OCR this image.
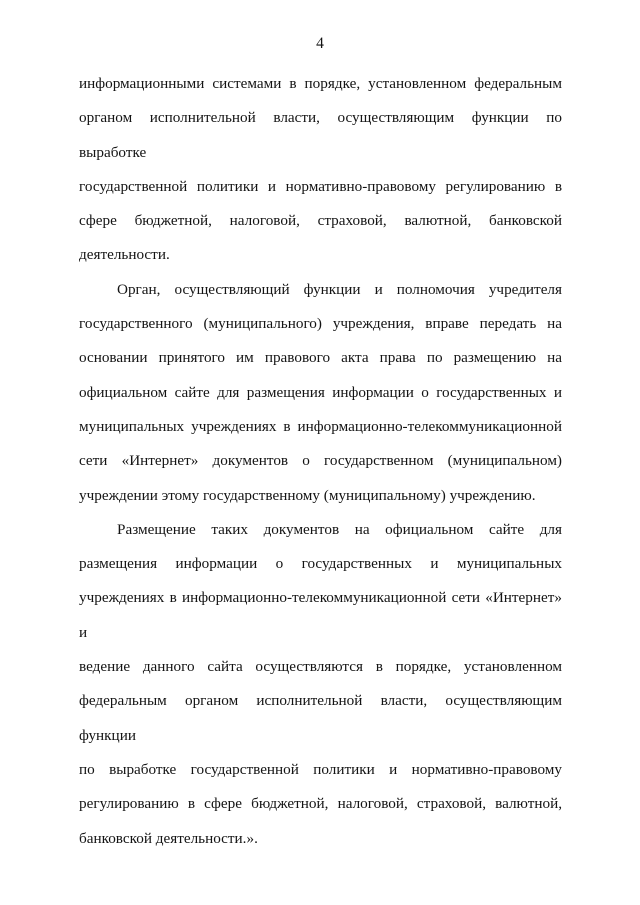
4

информационными системами в порядке, установленном федеральным
органом исполнительной власти, осуществляющим функции по выработке
государственной политики и нормативно-правовому регулированию в
сфере бюджетной, налоговой, страховой, валютной, банковской
деятельности.

Орган, осуществляющий функции и полномочия учредителя
государственного (муниципального) учреждения, вправе передать на
основании принятого им правового акта права по размещению на
официальном сайте для размещения информации о государственных и
муниципальных учреждениях в информационно-телекоммуникационной
сети «Интернет» документов о государственном (муниципальном)
учреждении этому государственному (муниципальному) учреждению.

Размещение таких документов на официальном сайте для
размещения информации о государственных и муниципальных
учреждениях в информационно-телекоммуникационной сети «Интернет» и
ведение данного сайта осуществляются в порядке, установленном
федеральным органом исполнительной власти, осуществляющим функции
по выработке государственной политики и нормативно-правовому
регулированию в сфере бюджетной, налоговой, страховой, валютной,
банковской деятельности.».
